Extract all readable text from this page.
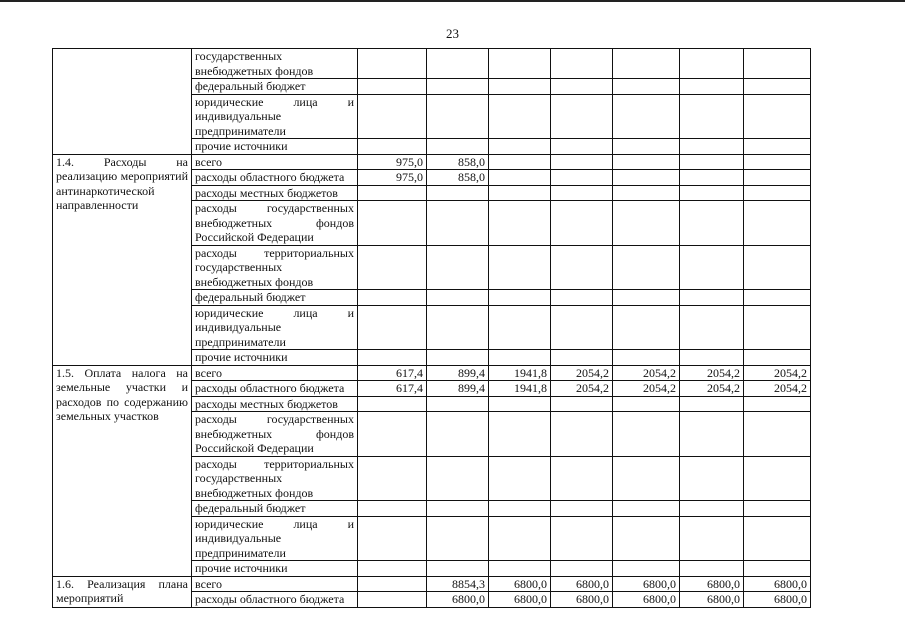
23
	государственных внебюджетных фондов							
	федеральный бюджет							
	юридические лица и индивидуальные предприниматели							
	прочие источники							
1.4. Расходы на реализацию мероприятий антинаркотической направленности	всего	975,0	858,0					
	расходы областного бюджета	975,0	858,0					
	расходы местных бюджетов							
	расходы государственных внебюджетных фондов Российской Федерации							
	расходы территориальных государственных внебюджетных фондов							
	федеральный бюджет							
	юридические лица и индивидуальные предприниматели							
	прочие источники							
1.5. Оплата налога на земельные участки и расходов по содержанию земельных участков	всего	617,4	899,4	1941,8	2054,2	2054,2	2054,2	2054,2
	расходы областного бюджета	617,4	899,4	1941,8	2054,2	2054,2	2054,2	2054,2
	расходы местных бюджетов							
	расходы государственных внебюджетных фондов Российской Федерации							
	расходы территориальных государственных внебюджетных фондов							
	федеральный бюджет							
	юридические лица и индивидуальные предприниматели							
	прочие источники							
1.6. Реализация плана мероприятий	всего		8854,3	6800,0	6800,0	6800,0	6800,0	6800,0
	расходы областного бюджета		6800,0	6800,0	6800,0	6800,0	6800,0	6800,0
